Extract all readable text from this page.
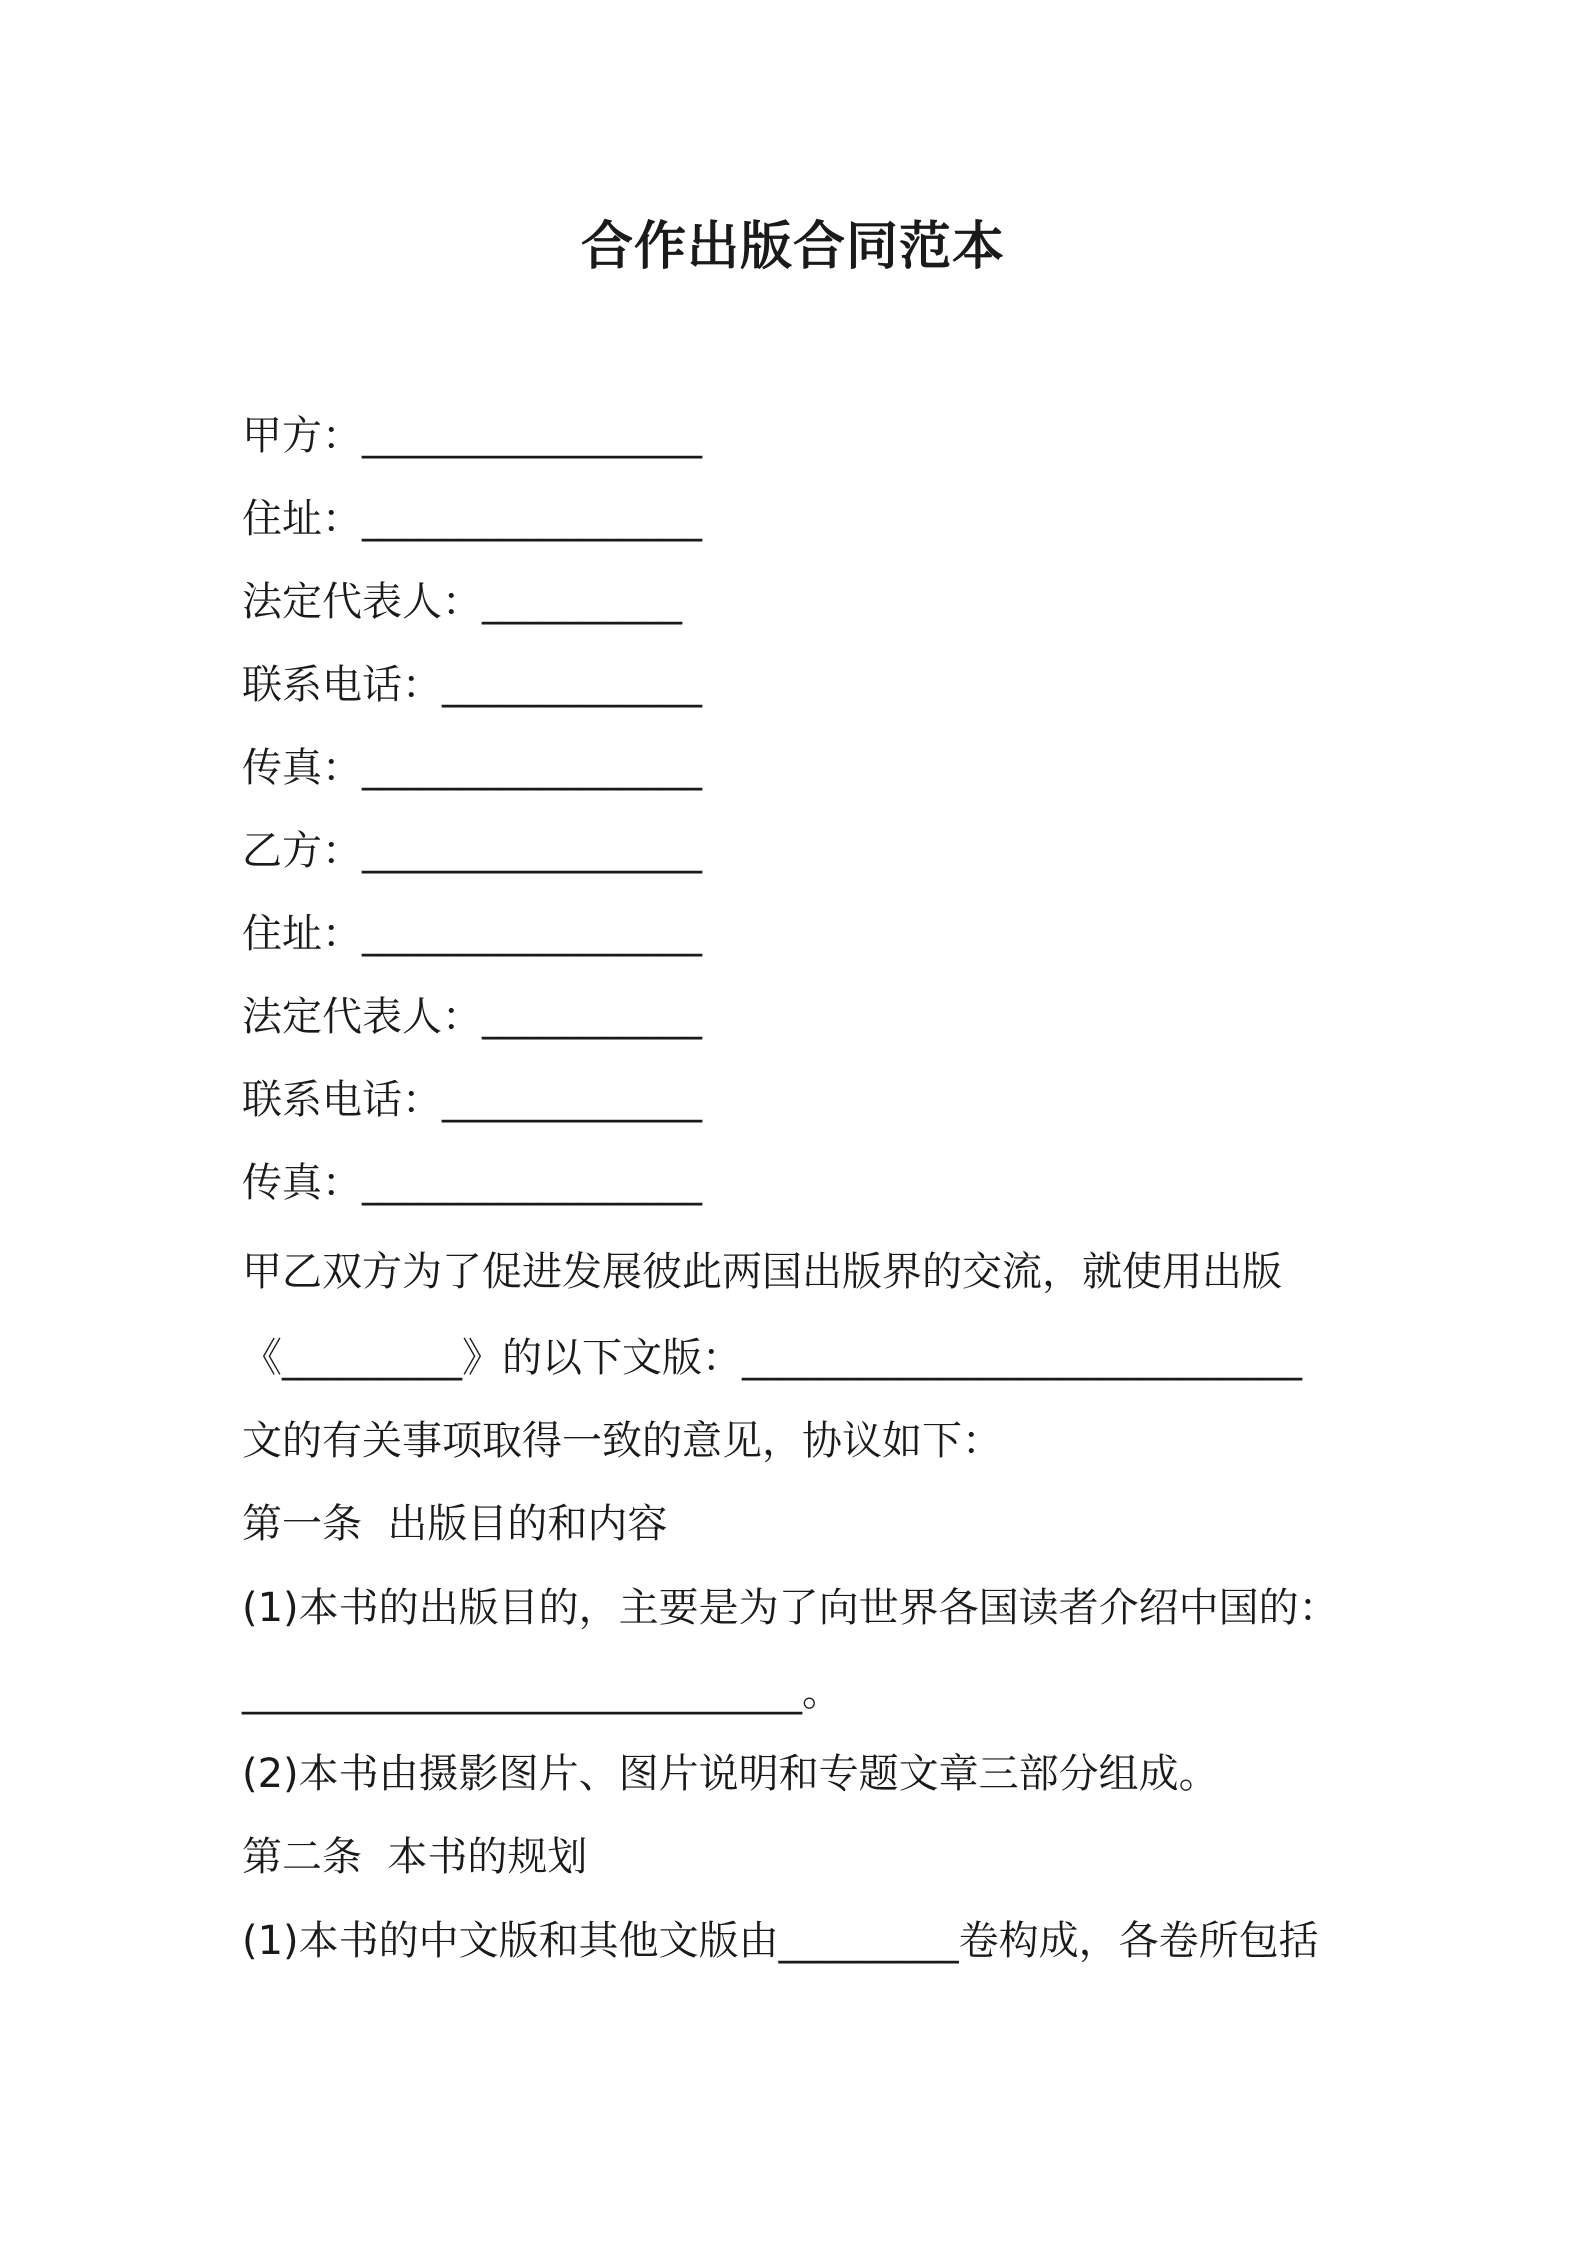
合作出版合同范本
甲方：_________________
住址：_________________
法定代表人：__________
联系电话：_____________
传真：_________________
乙方：_________________
住址：_________________
法定代表人：___________
联系电话：_____________
传真：_________________
甲乙双方为了促进发展彼此两国出版界的交流，就使用出版
《_________》的以下文版：____________________________
文的有关事项取得一致的意见，协议如下：
第一条  出版目的和内容
(1)本书的出版目的，主要是为了向世界各国读者介绍中国的：
____________________________。
(2)本书由摄影图片、图片说明和专题文章三部分组成。
第二条  本书的规划
(1)本书的中文版和其他文版由_________卷构成，各卷所包括
